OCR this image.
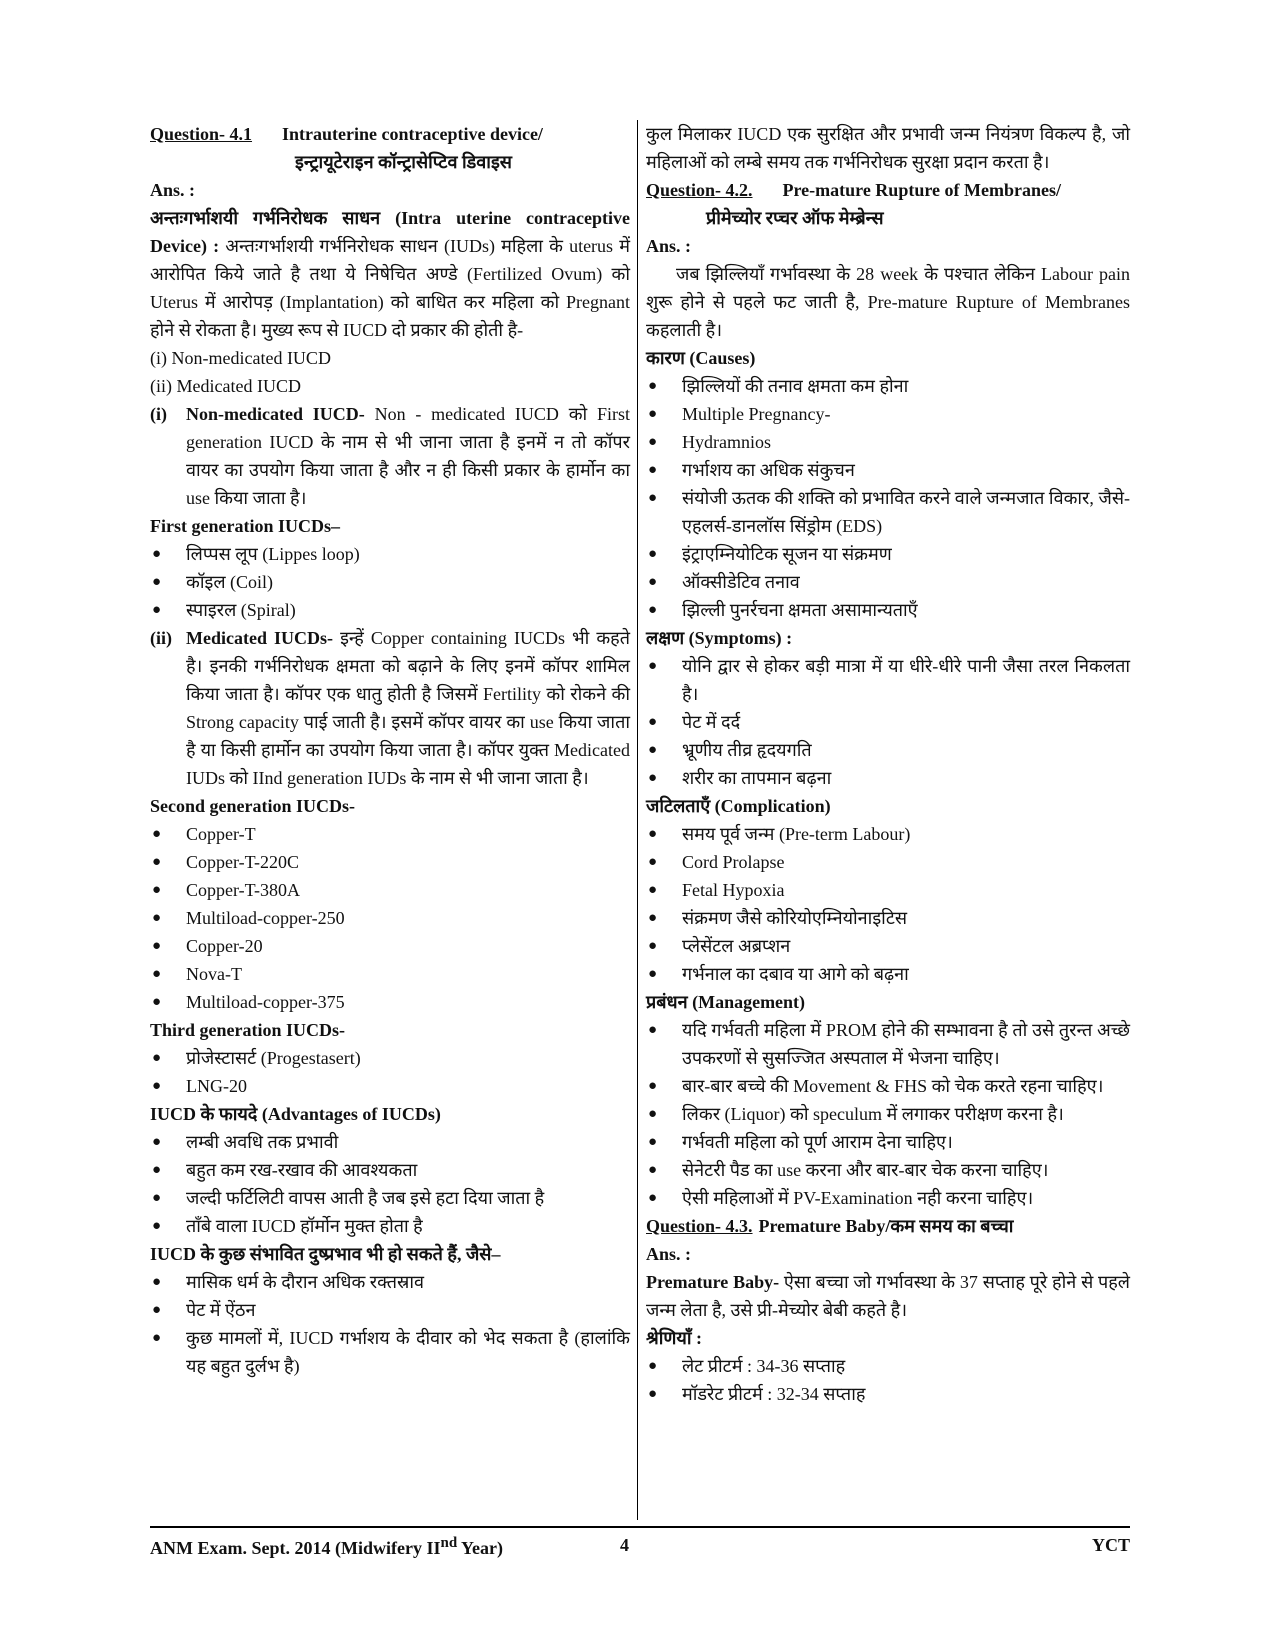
Question- 4.1 Intrauterine contraceptive device/
इन्ट्रायूटेराइन कॉन्ट्रासेप्टिव डिवाइस

Ans. :

अन्तःगर्भाशयी गर्भनिरोधक साधन (Intra uterine contraceptive Device) : अन्तःगर्भाशयी गर्भनिरोधक साधन (IUDs) महिला के uterus में आरोपित किये जाते है तथा ये निषेचित अण्डे (Fertilized Ovum) को Uterus में आरोपड़ (Implantation) को बाधित कर महिला को Pregnant होने से रोकता है। मुख्य रूप से IUCD दो प्रकार की होती है-

(i) Non-medicated IUCD

(ii) Medicated IUCD

(i) Non-medicated IUCD- Non - medicated IUCD को First generation IUCD के नाम से भी जाना जाता है इनमें न तो कॉपर वायर का उपयोग किया जाता है और न ही किसी प्रकार के हार्मोन का use किया जाता है।

First generation IUCDs–

● लिप्पस लूप (Lippes loop)
● कॉइल (Coil)
● स्पाइरल (Spiral)

(ii) Medicated IUCDs- इन्हें Copper containing IUCDs भी कहते है। इनकी गर्भनिरोधक क्षमता को बढ़ाने के लिए इनमें कॉपर शामिल किया जाता है। कॉपर एक धातु होती है जिसमें Fertility को रोकने की Strong capacity पाई जाती है। इसमें कॉपर वायर का use किया जाता है या किसी हार्मोन का उपयोग किया जाता है। कॉपर युक्त Medicated IUDs को IInd generation IUDs के नाम से भी जाना जाता है।

Second generation IUCDs-

● Copper-T
● Copper-T-220C
● Copper-T-380A
● Multiload-copper-250
● Copper-20
● Nova-T
● Multiload-copper-375

Third generation IUCDs-

● प्रोजेस्टासर्ट (Progestasert)
● LNG-20

IUCD के फायदे (Advantages of IUCDs)

● लम्बी अवधि तक प्रभावी
● बहुत कम रख-रखाव की आवश्यकता
● जल्दी फर्टिलिटी वापस आती है जब इसे हटा दिया जाता है
● ताँबे वाला IUCD हॉर्मोन मुक्त होता है

IUCD के कुछ संभावित दुष्प्रभाव भी हो सकते हैं, जैसे–

● मासिक धर्म के दौरान अधिक रक्तस्राव
● पेट में ऐंठन
● कुछ मामलों में, IUCD गर्भाशय के दीवार को भेद सकता है (हालांकि यह बहुत दुर्लभ है)

कुल मिलाकर IUCD एक सुरक्षित और प्रभावी जन्म नियंत्रण विकल्प है, जो महिलाओं को लम्बे समय तक गर्भनिरोधक सुरक्षा प्रदान करता है।

Question- 4.2. Pre-mature Rupture of Membranes/
प्रीमेच्योर रप्चर ऑफ मेम्ब्रेन्स

Ans. :

जब झिल्लियाँ गर्भावस्था के 28 week के पश्चात लेकिन Labour pain शुरू होने से पहले फट जाती है, Pre-mature Rupture of Membranes कहलाती है।

कारण (Causes)

● झिल्लियों की तनाव क्षमता कम होना
● Multiple Pregnancy-
● Hydramnios
● गर्भाशय का अधिक संकुचन
● संयोजी ऊतक की शक्ति को प्रभावित करने वाले जन्मजात विकार, जैसे- एहलर्स-डानलॉस सिंड्रोम (EDS)
● इंट्राएम्नियोटिक सूजन या संक्रमण
● ऑक्सीडेटिव तनाव
● झिल्ली पुनर्रचना क्षमता असामान्यताएँ

लक्षण (Symptoms) :

● योनि द्वार से होकर बड़ी मात्रा में या धीरे-धीरे पानी जैसा तरल निकलता है।
● पेट में दर्द
● भ्रूणीय तीव्र हृदयगति
● शरीर का तापमान बढ़ना

जटिलताएँ (Complication)

● समय पूर्व जन्म (Pre-term Labour)
● Cord Prolapse
● Fetal Hypoxia
● संक्रमण जैसे कोरियोएम्नियोनाइटिस
● प्लेसेंटल अब्रप्शन
● गर्भनाल का दबाव या आगे को बढ़ना

प्रबंधन (Management)

● यदि गर्भवती महिला में PROM होने की सम्भावना है तो उसे तुरन्त अच्छे उपकरणों से सुसज्जित अस्पताल में भेजना चाहिए।
● बार-बार बच्चे की Movement & FHS को चेक करते रहना चाहिए।
● लिकर (Liquor) को speculum में लगाकर परीक्षण करना है।
● गर्भवती महिला को पूर्ण आराम देना चाहिए।
● सेनेटरी पैड का use करना और बार-बार चेक करना चाहिए।
● ऐसी महिलाओं में PV-Examination नही करना चाहिए।

Question- 4.3. Premature Baby/कम समय का बच्चा

Ans. :

Premature Baby- ऐसा बच्चा जो गर्भावस्था के 37 सप्ताह पूरे होने से पहले जन्म लेता है, उसे प्री-मेच्योर बेबी कहते है।

श्रेणियाँ :

● लेट प्रीटर्म : 34-36 सप्ताह
● मॉडरेट प्रीटर्म : 32-34 सप्ताह
ANM Exam. Sept. 2014 (Midwifery IInd Year)	4	YCT
